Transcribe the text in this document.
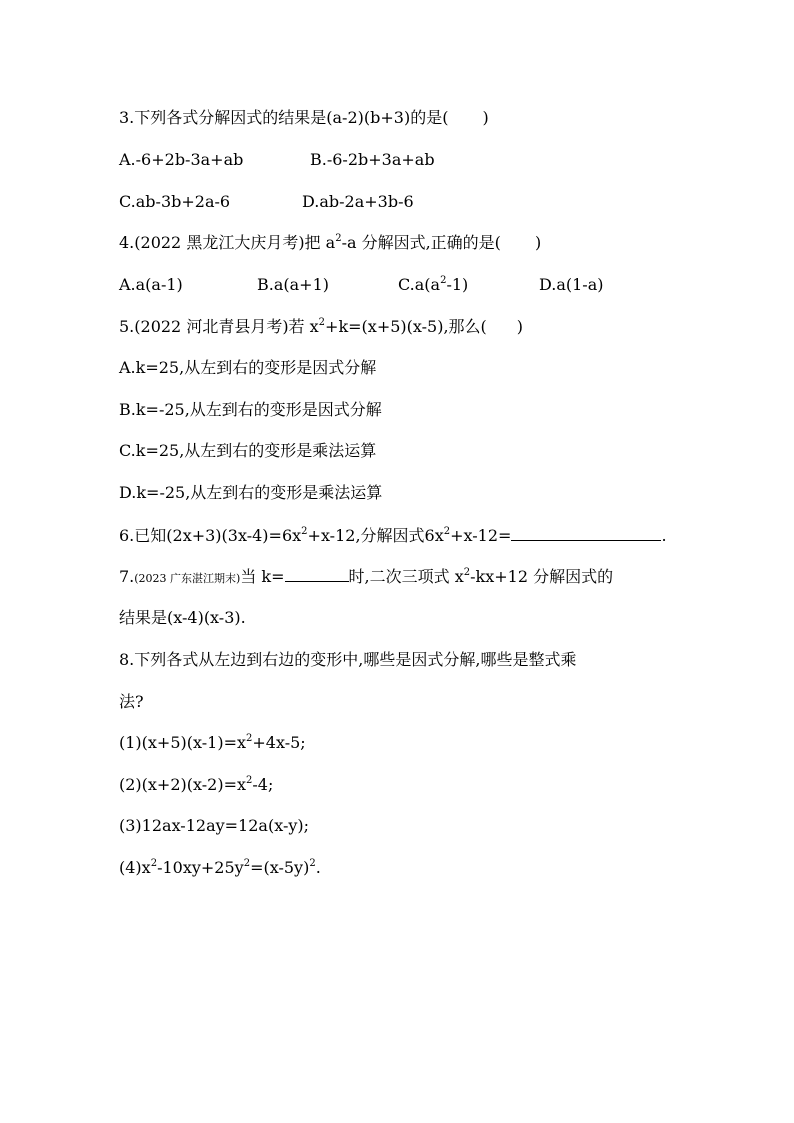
3.下列各式分解因式的结果是(a-2)(b+3)的是( )
A.-6+2b-3a+ab	B.-6-2b+3a+ab
C.ab-3b+2a-6	D.ab-2a+3b-6
4.(2022 黑龙江大庆月考)把 $a^2-a$ 分解因式,正确的是( )
A.a(a-1)	B.a(a+1)	$C.a(a^2-1)$	D.a(1-a)
5.(2022 河北青县月考)若 $x^2+k=(x+5)(x-5)$,那么( )
A.k=25,从左到右的变形是因式分解
B.k=-25,从左到右的变形是因式分解
C.k=25,从左到右的变形是乘法运算
D.k=-25,从左到右的变形是乘法运算
6.已知$(2x+3)(3x-4)=6x^2+x-12$,分解因式$6x^2+x-12=$	.
7.(2023 广东湛江期末)当 k=	时,二次三项式 $x^2-kx+12$ 分解因式的
结果是(x-4)(x-3).
8.下列各式从左边到右边的变形中,哪些是因式分解,哪些是整式乘
法?
$(1)(x+5)(x-1)=x^2+4x-5$;
$(2)(x+2)(x-2)=x^2-4$;
(3)12ax-12ay=12a(x-y);
$(4)x^2-10xy+25y^2=(x-5y)^2$.
